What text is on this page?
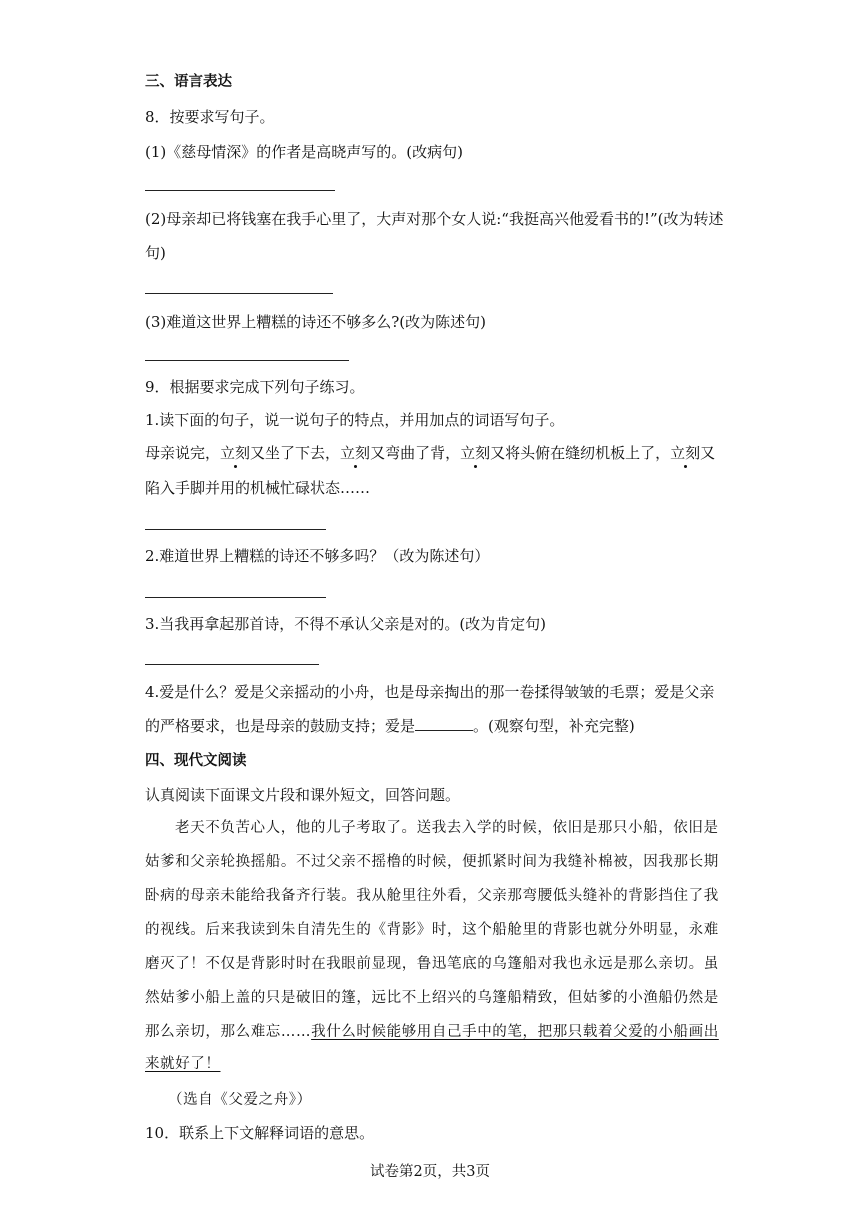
三、语言表达
8．按要求写句子。
(1)《慈母情深》的作者是高晓声写的。(改病句)
(2)母亲却已将钱塞在我手心里了，大声对那个女人说:“我挺高兴他爱看书的!”(改为转述
句)
(3)难道这世界上糟糕的诗还不够多么?(改为陈述句)
9．根据要求完成下列句子练习。
1.读下面的句子，说一说句子的特点，并用加点的词语写句子。
母亲说完，立刻又坐了下去，立刻又弯曲了背，立刻又将头俯在缝纫机板上了，立刻又
陷入手脚并用的机械忙碌状态……
2.难道世界上糟糕的诗还不够多吗？（改为陈述句）
3.当我再拿起那首诗，不得不承认父亲是对的。(改为肯定句)
4.爱是什么？爱是父亲摇动的小舟，也是母亲掏出的那一卷揉得皱皱的毛票；爱是父亲
的严格要求，也是母亲的鼓励支持；爱是	。(观察句型，补充完整)
四、现代文阅读
认真阅读下面课文片段和课外短文，回答问题。
老天不负苦心人，他的儿子考取了。送我去入学的时候，依旧是那只小船，依旧是
姑爹和父亲轮换摇船。不过父亲不摇橹的时候，便抓紧时间为我缝补棉被，因我那长期
卧病的母亲未能给我备齐行装。我从舱里往外看，父亲那弯腰低头缝补的背影挡住了我
的视线。后来我读到朱自清先生的《背影》时，这个船舱里的背影也就分外明显，永难
磨灭了！不仅是背影时时在我眼前显现，鲁迅笔底的乌篷船对我也永远是那么亲切。虽
然姑爹小船上盖的只是破旧的篷，远比不上绍兴的乌篷船精致，但姑爹的小渔船仍然是
那么亲切，那么难忘……我什么时候能够用自己手中的笔，把那只载着父爱的小船画出
来就好了！
（选自《父爱之舟》）
10．联系上下文解释词语的意思。
试卷第2页，共3页
